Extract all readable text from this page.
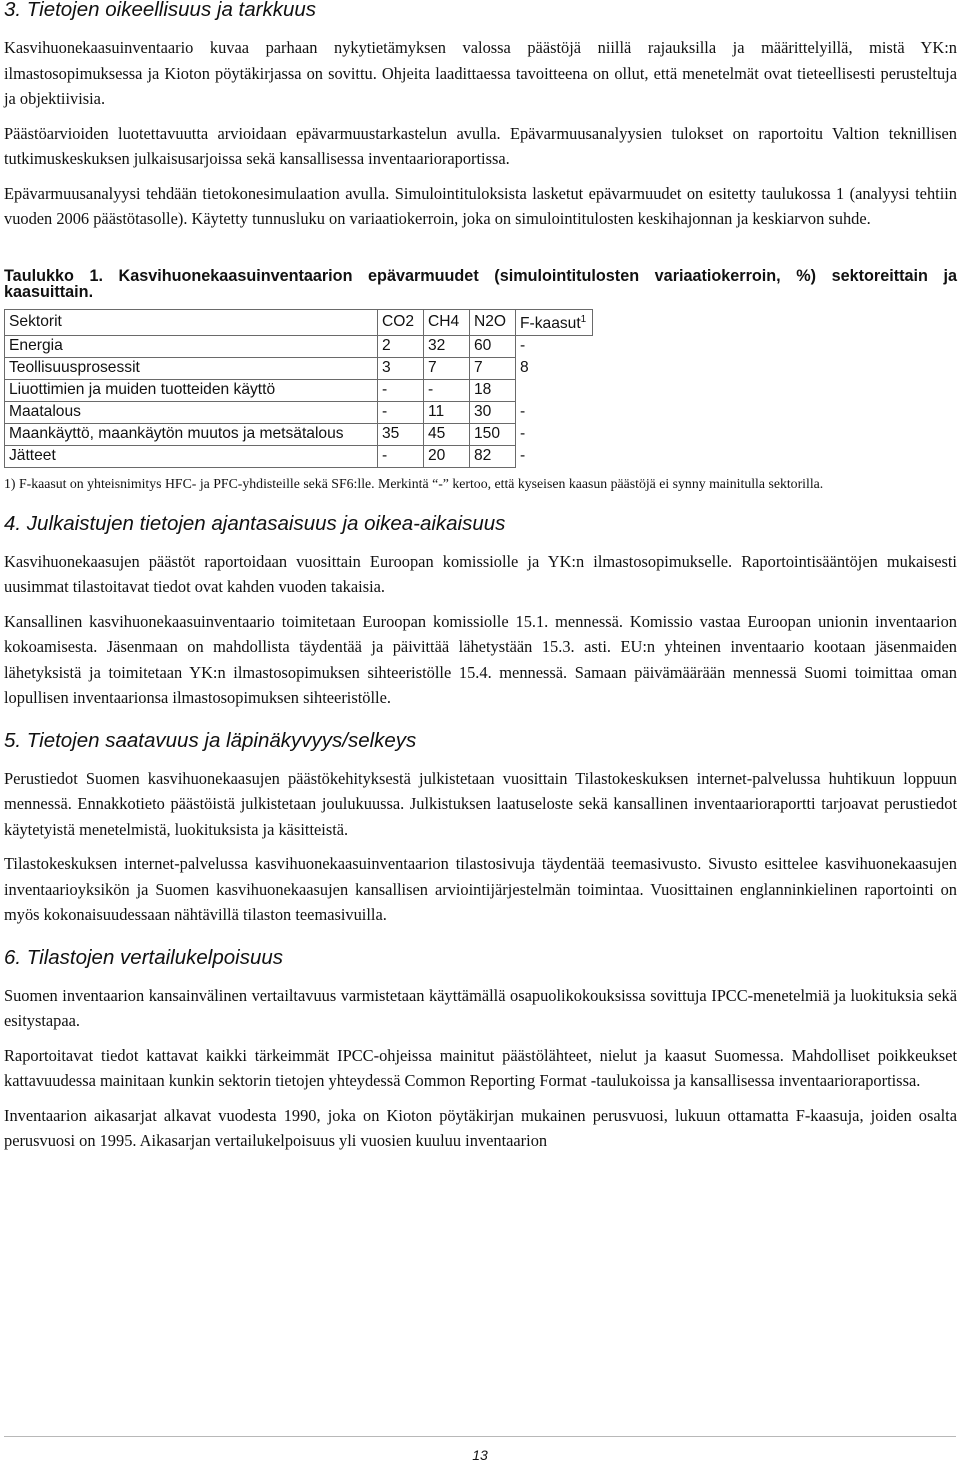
3. Tietojen oikeellisuus ja tarkkuus

Kasvihuonekaasuinventaario kuvaa parhaan nykytietämyksen valossa päästöjä niillä rajauksilla ja määrittelyillä, mistä YK:n ilmastosopimuksessa ja Kioton pöytäkirjassa on sovittu. Ohjeita laadittaessa tavoitteena on ollut, että menetelmät ovat tieteellisesti perusteltuja ja objektiivisia.

Päästöarvioiden luotettavuutta arvioidaan epävarmuustarkastelun avulla. Epävarmuusanalyysien tulokset on raportoitu Valtion teknillisen tutkimuskeskuksen julkaisusarjoissa sekä kansallisessa inventaarioraportissa.

Epävarmuusanalyysi tehdään tietokonesimulaation avulla. Simulointituloksista lasketut epävarmuudet on esitetty taulukossa 1 (analyysi tehtiin vuoden 2006 päästötasolle). Käytetty tunnusluku on variaatiokerroin, joka on simulointitulosten keskihajonnan ja keskiarvon suhde.

Taulukko 1. Kasvihuonekaasuinventaarion epävarmuudet (simulointitulosten variaatiokerroin, %) sektoreittain ja kaasuittain.

Sektorit	CO2	CH4	N2O	F-kaasut$^1$
Energia	2	32	60	-
Teollisuusprosessit	3	7	7	8
Liuottimien ja muiden tuotteiden käyttö	-	-	18	
Maatalous	-	11	30	-
Maankäyttö, maankäytön muutos ja metsätalous	35	45	150	-
Jätteet	-	20	82	-

1) F-kaasut on yhteisnimitys HFC- ja PFC-yhdisteille sekä SF6:lle. Merkintä “-” kertoo, että kyseisen kaasun päästöjä ei synny mainitulla sektorilla.

4. Julkaistujen tietojen ajantasaisuus ja oikea-aikaisuus

Kasvihuonekaasujen päästöt raportoidaan vuosittain Euroopan komissiolle ja YK:n ilmastosopimukselle. Raportointisääntöjen mukaisesti uusimmat tilastoitavat tiedot ovat kahden vuoden takaisia.

Kansallinen kasvihuonekaasuinventaario toimitetaan Euroopan komissiolle 15.1. mennessä. Komissio vastaa Euroopan unionin inventaarion kokoamisesta. Jäsenmaan on mahdollista täydentää ja päivittää lähetystään 15.3. asti. EU:n yhteinen inventaario kootaan jäsenmaiden lähetyksistä ja toimitetaan YK:n ilmastosopimuksen sihteeristölle 15.4. mennessä. Samaan päivämäärään mennessä Suomi toimittaa oman lopullisen inventaarionsa ilmastosopimuksen sihteeristölle.

5. Tietojen saatavuus ja läpinäkyvyys/selkeys

Perustiedot Suomen kasvihuonekaasujen päästökehityksestä julkistetaan vuosittain Tilastokeskuksen internet-palvelussa huhtikuun loppuun mennessä. Ennakkotieto päästöistä julkistetaan joulukuussa. Julkistuksen laatuseloste sekä kansallinen inventaarioraportti tarjoavat perustiedot käytetyistä menetelmistä, luokituksista ja käsitteistä.

Tilastokeskuksen internet-palvelussa kasvihuonekaasuinventaarion tilastosivuja täydentää teemasivusto. Sivusto esittelee kasvihuonekaasujen inventaarioyksikön ja Suomen kasvihuonekaasujen kansallisen arviointijärjestelmän toimintaa. Vuosittainen englanninkielinen raportointi on myös kokonaisuudessaan nähtävillä tilaston teemasivuilla.

6. Tilastojen vertailukelpoisuus

Suomen inventaarion kansainvälinen vertailtavuus varmistetaan käyttämällä osapuolikokouksissa sovittuja IPCC-menetelmiä ja luokituksia sekä esitystapaa.

Raportoitavat tiedot kattavat kaikki tärkeimmät IPCC-ohjeissa mainitut päästölähteet, nielut ja kaasut Suomessa. Mahdolliset poikkeukset kattavuudessa mainitaan kunkin sektorin tietojen yhteydessä Common Reporting Format -taulukoissa ja kansallisessa inventaarioraportissa.

Inventaarion aikasarjat alkavat vuodesta 1990, joka on Kioton pöytäkirjan mukainen perusvuosi, lukuun ottamatta F-kaasuja, joiden osalta perusvuosi on 1995. Aikasarjan vertailukelpoisuus yli vuosien kuuluu inventaarion

13
